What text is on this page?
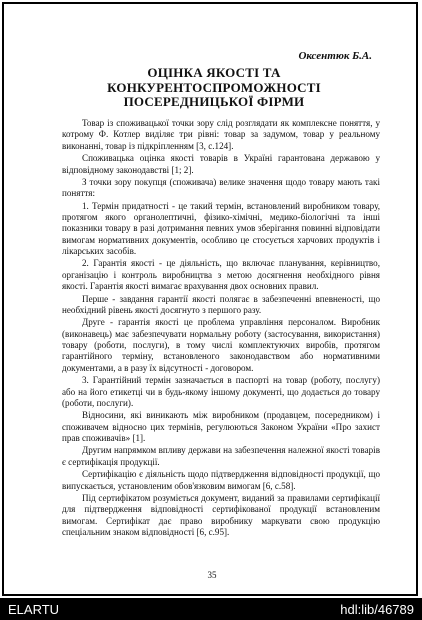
Оксентюк Б.А.
ОЦІНКА ЯКОСТІ ТА
КОНКУРЕНТОСПРОМОЖНОСТІ
ПОСЕРЕДНИЦЬКОЇ ФІРМИ

Товар із споживацької точки зору слід розглядати як комплексне поняття, у котрому Ф. Котлер виділяє три рівні: товар за задумом, товар у реальному виконанні, товар із підкріпленням [3, с.124].

Споживацька оцінка якості товарів в Україні гарантована державою у відповідному законодавстві [1; 2].

З точки зору покупця (споживача) велике значення щодо товару мають такі поняття:

1. Термін придатності - це такий термін, встановлений виробником товару, протягом якого органолептичні, фізико-хімічні, медико-біологічні та інші показники товару в разі дотримання певних умов зберігання повинні відповідати вимогам нормативних документів, особливо це стосується харчових продуктів і лікарських засобів.

2. Гарантія якості - це діяльність, що включає планування, керівництво, організацію і контроль виробництва з метою досягнення необхідного рівня якості. Гарантія якості вимагає врахування двох основних правил.

Перше - завдання гарантії якості полягає в забезпеченні впевненості, що необхідний рівень якості досягнуто з першого разу.

Друге - гарантія якості це проблема управління персоналом. Виробник (виконавець) має забезпечувати нормальну роботу (застосування, використання) товару (роботи, послуги), в тому числі комплектуючих виробів, протягом гарантійного терміну, встановленого законодавством або нормативними документами, а в разу їх відсутності - договором.

3. Гарантійний термін зазначається в паспорті на товар (роботу, послугу) або на його етикетці чи в будь-якому іншому документі, що додається до товару (роботи, послуги).

Відносини, які виникають між виробником (продавцем, посередником) і споживачем відносно цих термінів, регулюються Законом України «Про захист прав споживачів» [1].

Другим напрямком впливу держави на забезпечення належної якості товарів є сертифікація продукції.

Сертифікацію є діяльність щодо підтвердження відповідності продукції, що випускається, установленим обов'язковим вимогам [6, с.58].

Під сертифікатом розуміється документ, виданий за правилами сертифікації для підтвердження відповідності сертифікованої продукції встановленим вимогам. Сертифікат дає право виробнику маркувати свою продукцію спеціальним знаком відповідності [6, с.95].

35
ELARTU	hdl:lib/46789
